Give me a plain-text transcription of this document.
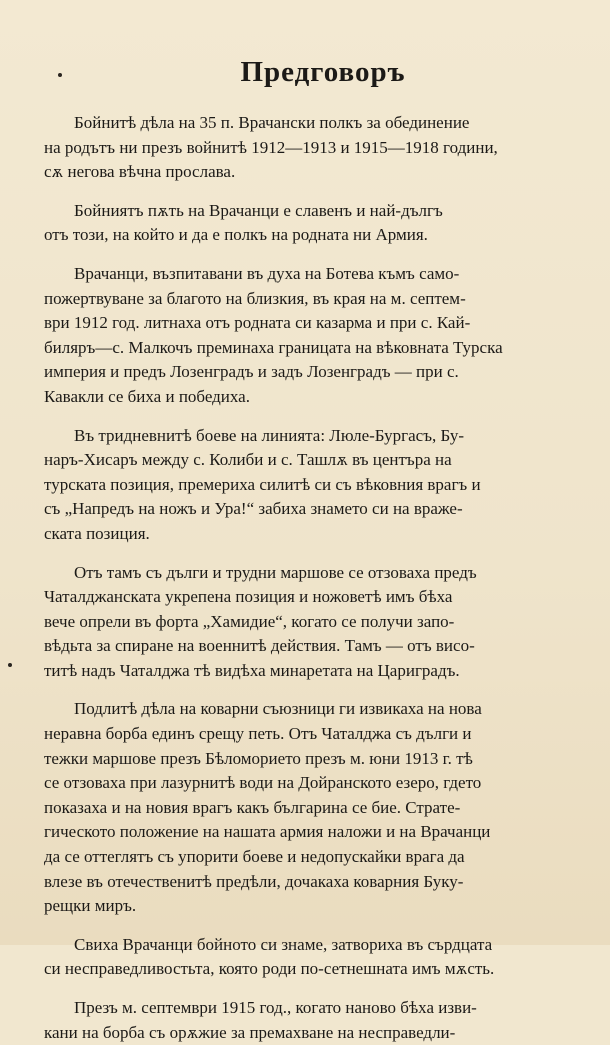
Предговоръ

Бойнитѣ дѣла на 35 п. Врачански полкъ за обединение
на родътъ ни презъ войнитѣ 1912—1913 и 1915—1918 години,
сѫ негова вѣчна прослава.

Бойниятъ пѫть на Врачанци е славенъ и най-дългъ
отъ този, на който и да е полкъ на родната ни Армия.

Врачанци, възпитавани въ духа на Ботева къмъ само-
пожертвуване за благото на близкия, въ края на м. септем-
ври 1912 год. литнаха отъ родната си казарма и при с. Кай-
биляръ—с. Малкочъ преминаха границата на вѣковната Турска
империя и предъ Лозенградъ и задъ Лозенградъ — при с.
Кавакли се биха и победиха.

Въ тридневнитѣ боеве на линията: Люле-Бургасъ, Бу-
наръ-Хисаръ между с. Колиби и с. Ташлѫ въ центъра на
турската позиция, премериха силитѣ си съ вѣковния врагъ и
съ „Напредъ на ножъ и Ура!“ забиха знамето си на враже-
ската позиция.

Отъ тамъ съ дълги и трудни маршове се отзоваха предъ
Чаталджанската укрепена позиция и ножоветѣ имъ бѣха
вече опрели въ форта „Хамидие“, когато се получи запо-
вѣдьта за спиране на военнитѣ действия. Тамъ — отъ висо-
титѣ надъ Чаталджа тѣ видѣха минаретата на Цариградъ.

Подлитѣ дѣла на коварни съюзници ги извикаха на нова
неравна борба единъ срещу петь. Отъ Чаталджа съ дълги и
тежки маршове презъ Бѣломорието презъ м. юни 1913 г. тѣ
се отзоваха при лазурнитѣ води на Дойранското езеро, гдето
показаха и на новия врагъ какъ българина се бие. Страте-
гическото положение на нашата армия наложи и на Врачанци
да се оттеглятъ съ упорити боеве и недопускайки врага да
влезе въ отечественитѣ предѣли, дочакаха коварния Буку-
рещки миръ.

Свиха Врачанци бойното си знаме, затвориха въ сърдцата
си несправедливостьта, която роди по-сетнешната имъ мѫсть.

Презъ м. септември 1915 год., когато наново бѣха изви-
кани на борба съ орѫжие за премахване на несправедли-
